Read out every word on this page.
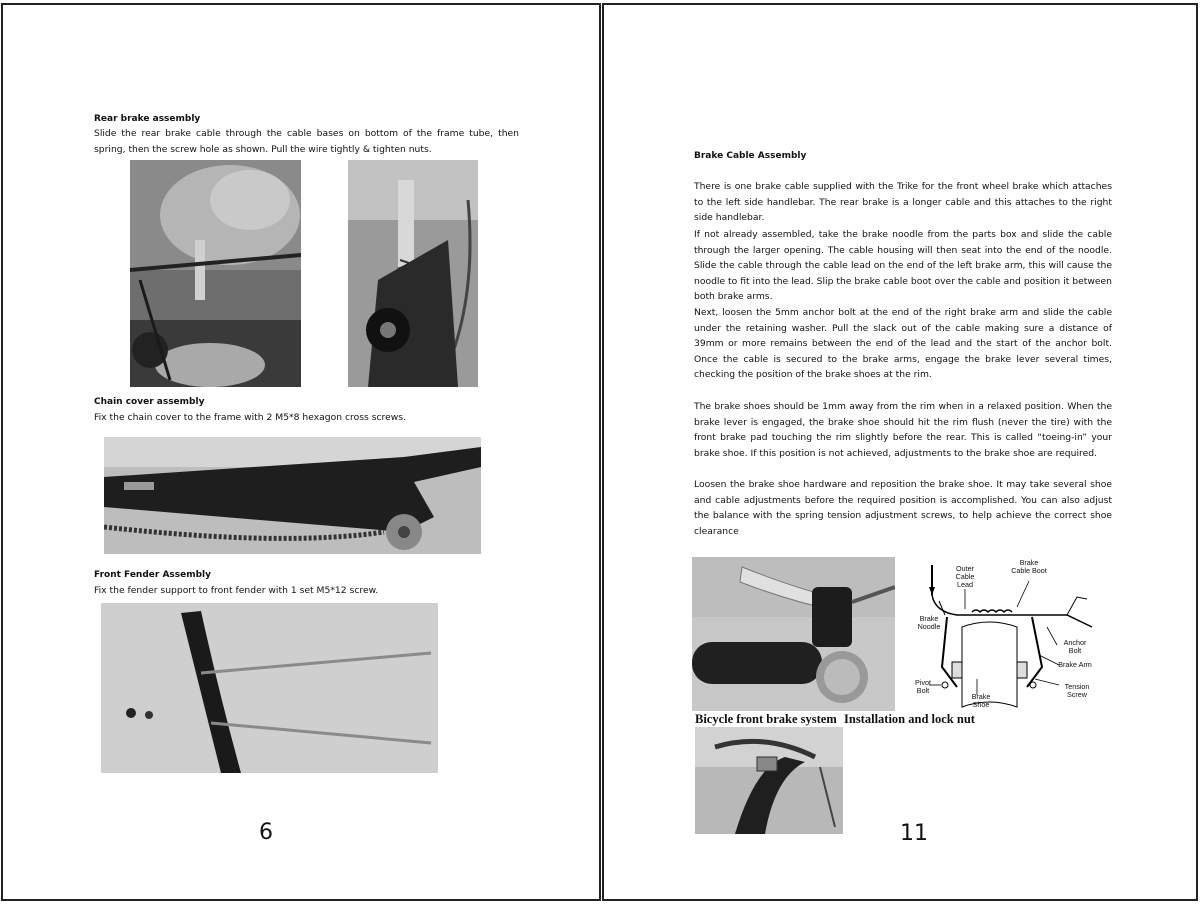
Rear brake assembly
Slide the rear brake cable through the cable bases on bottom of the frame tube, then spring, then the screw hole as shown. Pull the wire tightly & tighten nuts.
Chain cover assembly
Fix the chain cover to the frame with 2 M5*8 hexagon cross screws.
Front Fender Assembly
Fix the fender support to front fender with 1 set M5*12 screw.
6
Brake Cable Assembly
There is one brake cable supplied with the Trike for the front wheel brake which attaches to the left side handlebar. The rear brake is a longer cable and this attaches to the right side handlebar.
If not already assembled, take the brake noodle from the parts box and slide the cable through the larger opening. The cable housing will then seat into the end of the noodle. Slide the cable through the cable lead on the end of the left brake arm, this will cause the noodle to fit into the lead. Slip the brake cable boot over the cable and position it between both brake arms.
Next, loosen the 5mm anchor bolt at the end of the right brake arm and slide the cable under the retaining washer. Pull the slack out of the cable making sure a distance of 39mm or more remains between the end of the lead and the start of the anchor bolt. Once the cable is secured to the brake arms, engage the brake lever several times, checking the position of the brake shoes at the rim.
The brake shoes should be 1mm away from the rim when in a relaxed position. When the brake lever is engaged, the brake shoe should hit the rim flush (never the tire) with the front brake pad touching the rim slightly before the rear. This is called “toeing-in” your brake shoe. If this position is not achieved, adjustments to the brake shoe are required.
Loosen the brake shoe hardware and reposition the brake shoe. It may take several shoe and cable adjustments before the required position is accomplished. You can also adjust the balance with the spring tension adjustment screws, to help achieve the correct shoe clearance
Outer Cable Lead
Brake Cable Boot
Brake Noodle
Anchor Bolt
Brake Arm
Pivot Bolt	Tension Screw
Brake Shoe
Bicycle front brake system Installation and lock nut
11
